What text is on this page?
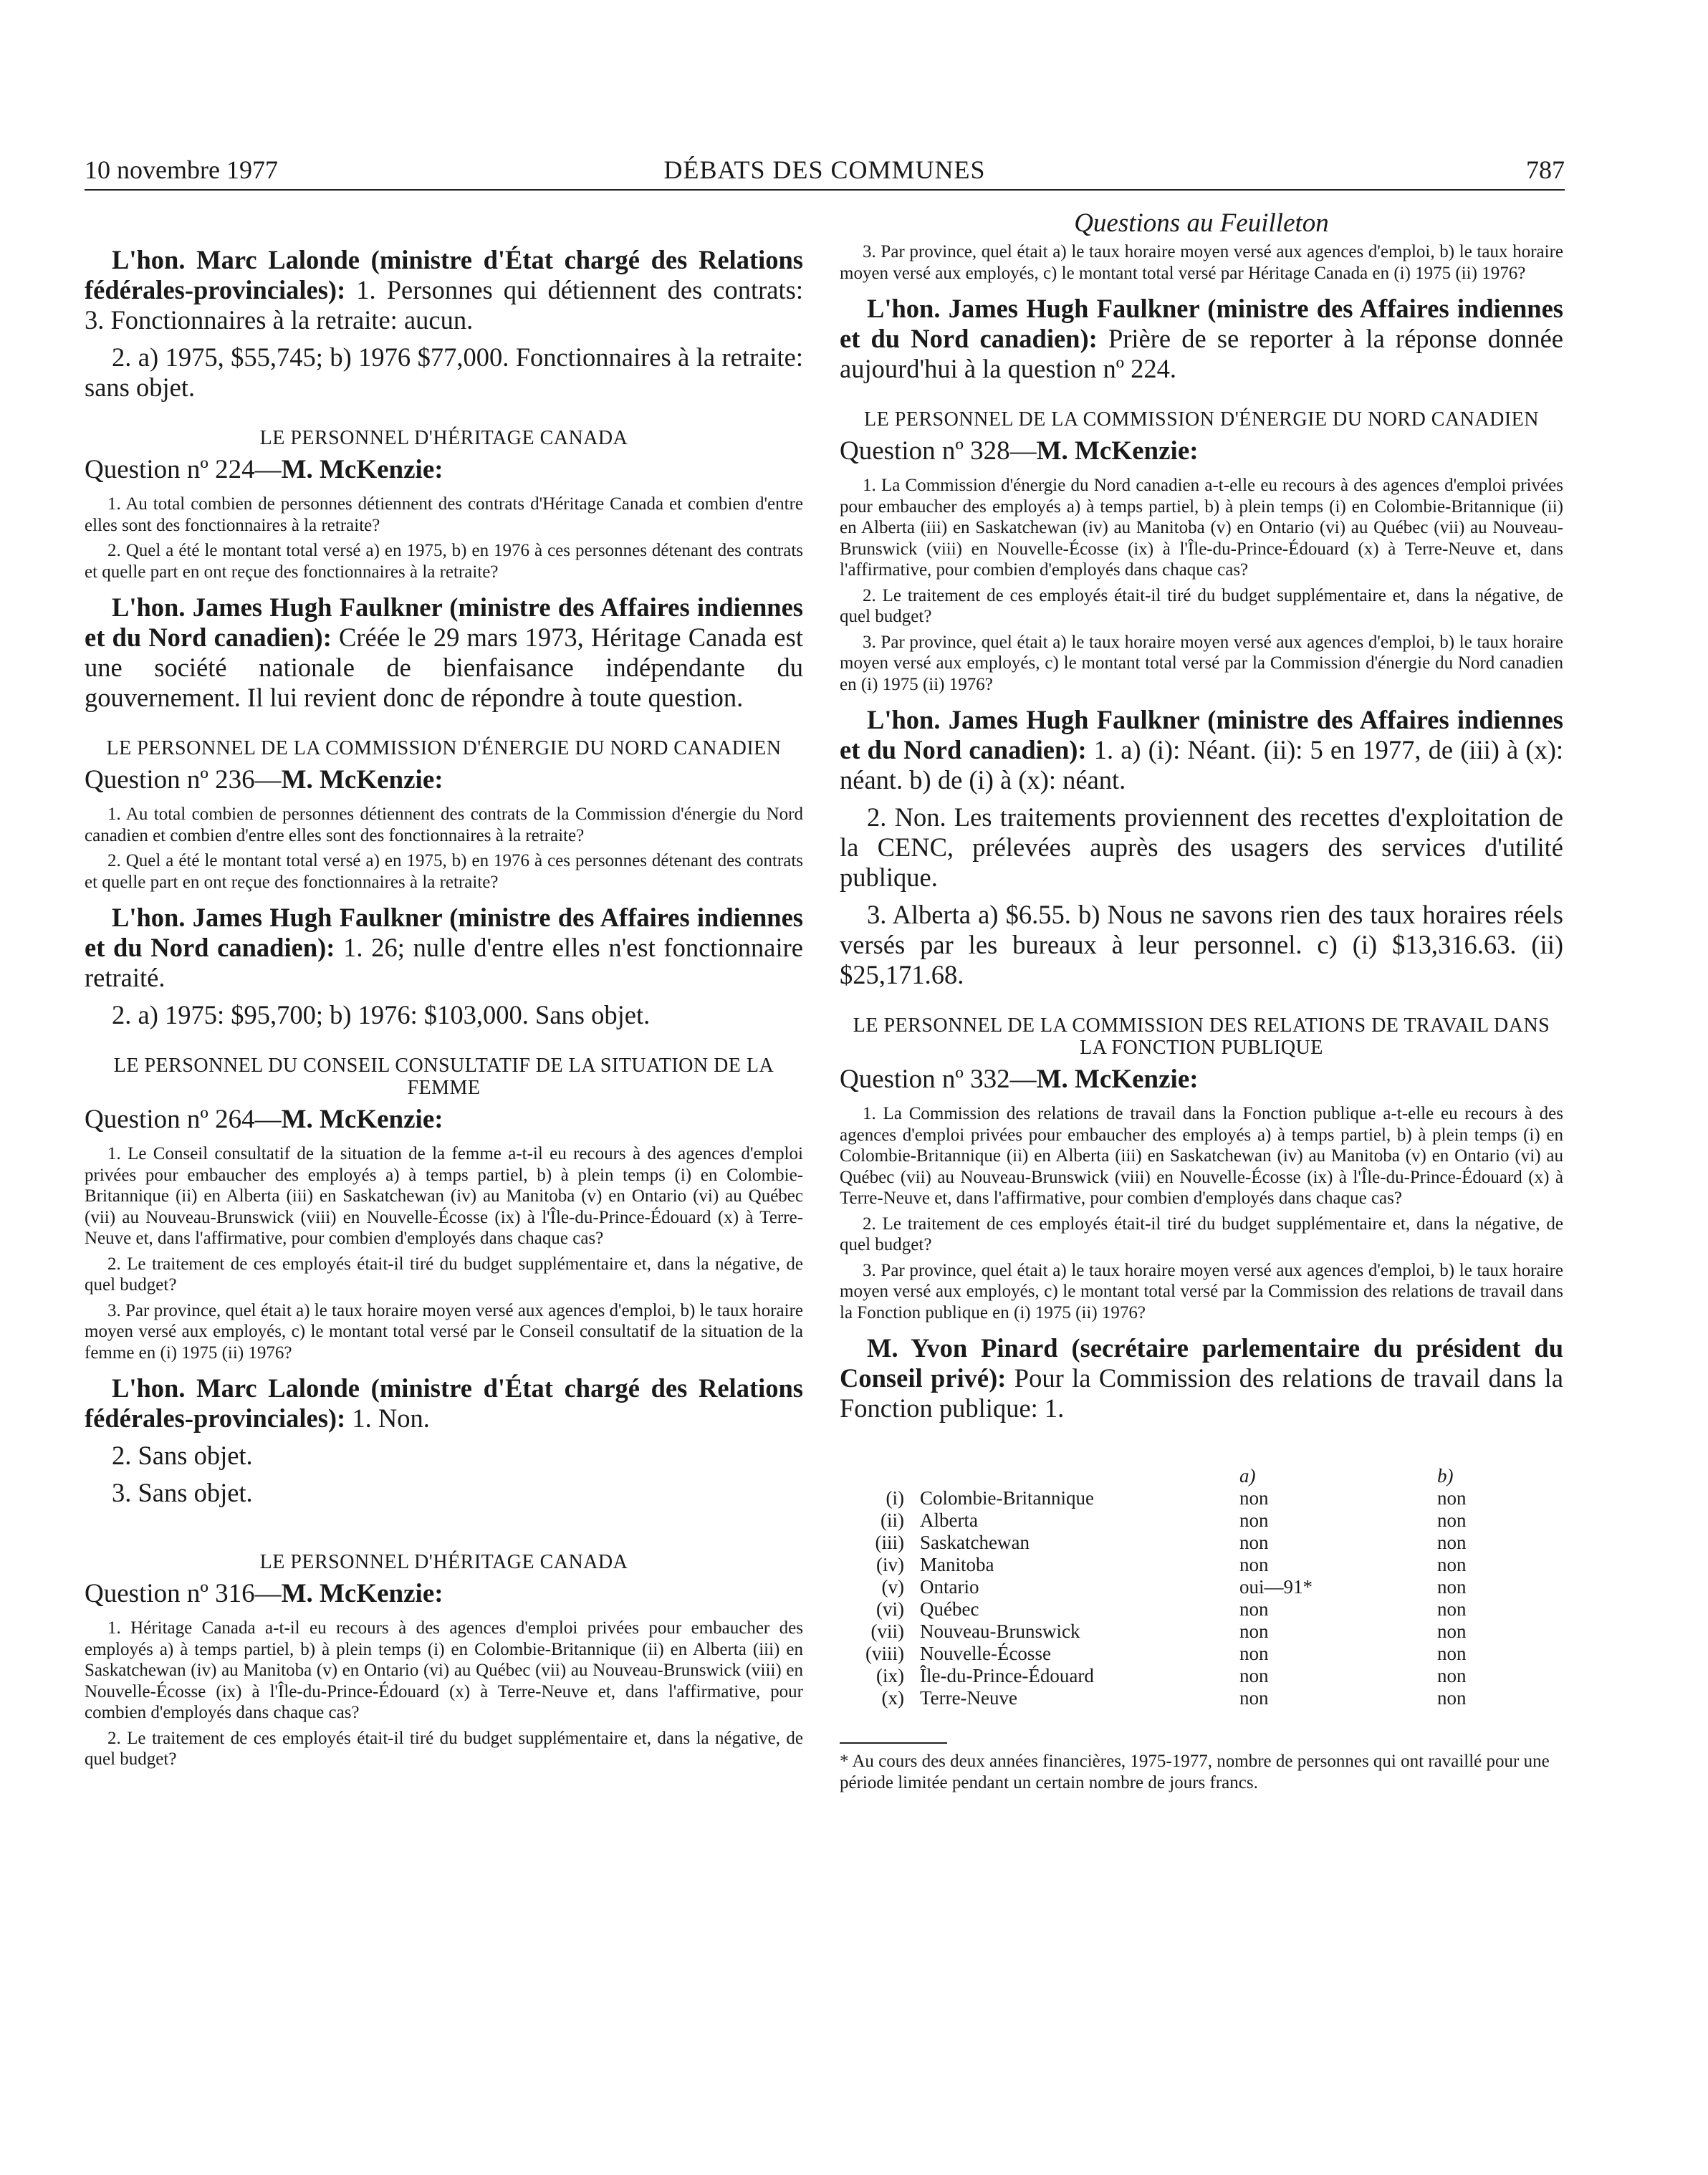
10 novembre 1977	DÉBATS DES COMMUNES	787

L'hon. Marc Lalonde (ministre d'État chargé des Relations fédérales-provinciales): 1. Personnes qui détiennent des contrats: 3. Fonctionnaires à la retraite: aucun.

2. a) 1975, $55,745; b) 1976 $77,000. Fonctionnaires à la retraite: sans objet.

LE PERSONNEL D'HÉRITAGE CANADA
Question nº 224—M. McKenzie:

1. Au total combien de personnes détiennent des contrats d'Héritage Canada et combien d'entre elles sont des fonctionnaires à la retraite?

2. Quel a été le montant total versé a) en 1975, b) en 1976 à ces personnes détenant des contrats et quelle part en ont reçue des fonctionnaires à la retraite?

L'hon. James Hugh Faulkner (ministre des Affaires indiennes et du Nord canadien): Créée le 29 mars 1973, Héritage Canada est une société nationale de bienfaisance indépendante du gouvernement. Il lui revient donc de répondre à toute question.

LE PERSONNEL DE LA COMMISSION D'ÉNERGIE DU NORD CANADIEN
Question nº 236—M. McKenzie:

1. Au total combien de personnes détiennent des contrats de la Commission d'énergie du Nord canadien et combien d'entre elles sont des fonctionnaires à la retraite?

2. Quel a été le montant total versé a) en 1975, b) en 1976 à ces personnes détenant des contrats et quelle part en ont reçue des fonctionnaires à la retraite?

L'hon. James Hugh Faulkner (ministre des Affaires indiennes et du Nord canadien): 1. 26; nulle d'entre elles n'est fonctionnaire retraité.

2. a) 1975: $95,700; b) 1976: $103,000. Sans objet.

LE PERSONNEL DU CONSEIL CONSULTATIF DE LA SITUATION DE LA FEMME
Question nº 264—M. McKenzie:

1. Le Conseil consultatif de la situation de la femme a-t-il eu recours à des agences d'emploi privées pour embaucher des employés a) à temps partiel, b) à plein temps (i) en Colombie-Britannique (ii) en Alberta (iii) en Saskatchewan (iv) au Manitoba (v) en Ontario (vi) au Québec (vii) au Nouveau-Brunswick (viii) en Nouvelle-Écosse (ix) à l'Île-du-Prince-Édouard (x) à Terre-Neuve et, dans l'affirmative, pour combien d'employés dans chaque cas?

2. Le traitement de ces employés était-il tiré du budget supplémentaire et, dans la négative, de quel budget?

3. Par province, quel était a) le taux horaire moyen versé aux agences d'emploi, b) le taux horaire moyen versé aux employés, c) le montant total versé par le Conseil consultatif de la situation de la femme en (i) 1975 (ii) 1976?

L'hon. Marc Lalonde (ministre d'État chargé des Relations fédérales-provinciales): 1. Non.

2. Sans objet.

3. Sans objet.

LE PERSONNEL D'HÉRITAGE CANADA
Question nº 316—M. McKenzie:

1. Héritage Canada a-t-il eu recours à des agences d'emploi privées pour embaucher des employés a) à temps partiel, b) à plein temps (i) en Colombie-Britannique (ii) en Alberta (iii) en Saskatchewan (iv) au Manitoba (v) en Ontario (vi) au Québec (vii) au Nouveau-Brunswick (viii) en Nouvelle-Écosse (ix) à l'Île-du-Prince-Édouard (x) à Terre-Neuve et, dans l'affirmative, pour combien d'employés dans chaque cas?

2. Le traitement de ces employés était-il tiré du budget supplémentaire et, dans la négative, de quel budget?

Questions au Feuilleton

3. Par province, quel était a) le taux horaire moyen versé aux agences d'emploi, b) le taux horaire moyen versé aux employés, c) le montant total versé par Héritage Canada en (i) 1975 (ii) 1976?

L'hon. James Hugh Faulkner (ministre des Affaires indiennes et du Nord canadien): Prière de se reporter à la réponse donnée aujourd'hui à la question nº 224.

LE PERSONNEL DE LA COMMISSION D'ÉNERGIE DU NORD CANADIEN
Question nº 328—M. McKenzie:

1. La Commission d'énergie du Nord canadien a-t-elle eu recours à des agences d'emploi privées pour embaucher des employés a) à temps partiel, b) à plein temps (i) en Colombie-Britannique (ii) en Alberta (iii) en Saskatchewan (iv) au Manitoba (v) en Ontario (vi) au Québec (vii) au Nouveau-Brunswick (viii) en Nouvelle-Écosse (ix) à l'Île-du-Prince-Édouard (x) à Terre-Neuve et, dans l'affirmative, pour combien d'employés dans chaque cas?

2. Le traitement de ces employés était-il tiré du budget supplémentaire et, dans la négative, de quel budget?

3. Par province, quel était a) le taux horaire moyen versé aux agences d'emploi, b) le taux horaire moyen versé aux employés, c) le montant total versé par la Commission d'énergie du Nord canadien en (i) 1975 (ii) 1976?

L'hon. James Hugh Faulkner (ministre des Affaires indiennes et du Nord canadien): 1. a) (i): Néant. (ii): 5 en 1977, de (iii) à (x): néant. b) de (i) à (x): néant.

2. Non. Les traitements proviennent des recettes d'exploitation de la CENC, prélevées auprès des usagers des services d'utilité publique.

3. Alberta a) $6.55. b) Nous ne savons rien des taux horaires réels versés par les bureaux à leur personnel. c) (i) $13,316.63. (ii) $25,171.68.

LE PERSONNEL DE LA COMMISSION DES RELATIONS DE TRAVAIL DANS LA FONCTION PUBLIQUE
Question nº 332—M. McKenzie:

1. La Commission des relations de travail dans la Fonction publique a-t-elle eu recours à des agences d'emploi privées pour embaucher des employés a) à temps partiel, b) à plein temps (i) en Colombie-Britannique (ii) en Alberta (iii) en Saskatchewan (iv) au Manitoba (v) en Ontario (vi) au Québec (vii) au Nouveau-Brunswick (viii) en Nouvelle-Écosse (ix) à l'Île-du-Prince-Édouard (x) à Terre-Neuve et, dans l'affirmative, pour combien d'employés dans chaque cas?

2. Le traitement de ces employés était-il tiré du budget supplémentaire et, dans la négative, de quel budget?

3. Par province, quel était a) le taux horaire moyen versé aux agences d'emploi, b) le taux horaire moyen versé aux employés, c) le montant total versé par la Commission des relations de travail dans la Fonction publique en (i) 1975 (ii) 1976?

M. Yvon Pinard (secrétaire parlementaire du président du Conseil privé): Pour la Commission des relations de travail dans la Fonction publique: 1.

		a)	b)
(i)	Colombie-Britannique	non	non
(ii)	Alberta	non	non
(iii)	Saskatchewan	non	non
(iv)	Manitoba	non	non
(v)	Ontario	oui—91*	non
(vi)	Québec	non	non
(vii)	Nouveau-Brunswick	non	non
(viii)	Nouvelle-Écosse	non	non
(ix)	Île-du-Prince-Édouard	non	non
(x)	Terre-Neuve	non	non

* Au cours des deux années financières, 1975-1977, nombre de personnes qui ont ravaillé pour une période limitée pendant un certain nombre de jours francs.
